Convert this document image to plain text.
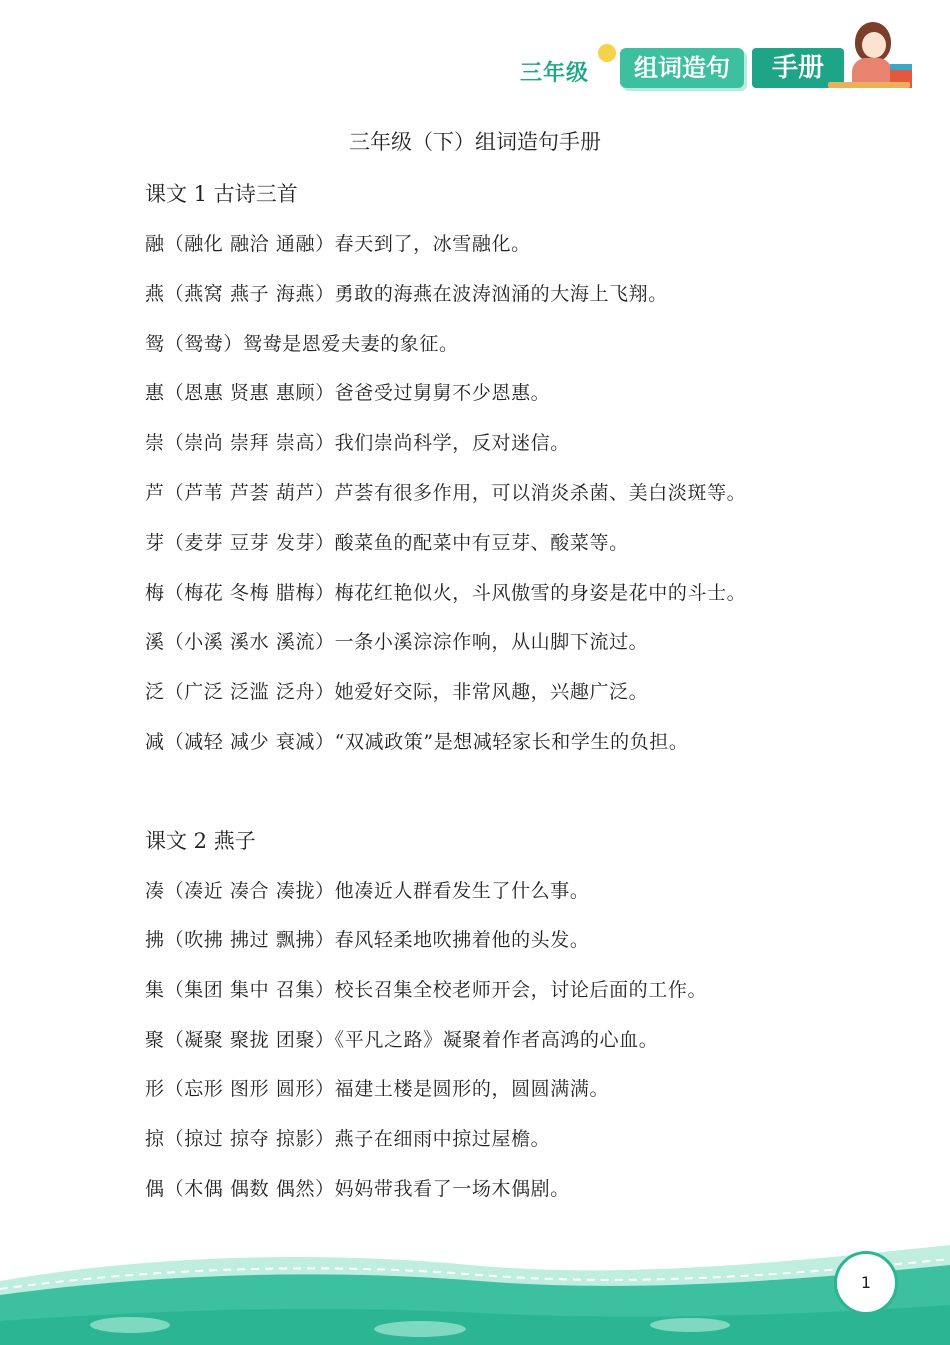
三年级	组词造句	手册
三年级（下）组词造句手册
课文 1 古诗三首
融（融化 融洽 通融）春天到了，冰雪融化。
燕（燕窝 燕子 海燕）勇敢的海燕在波涛汹涌的大海上飞翔。
鸳（鸳鸯）鸳鸯是恩爱夫妻的象征。
惠（恩惠 贤惠 惠顾）爸爸受过舅舅不少恩惠。
崇（崇尚 崇拜 崇高）我们崇尚科学，反对迷信。
芦（芦苇 芦荟 葫芦）芦荟有很多作用，可以消炎杀菌、美白淡斑等。
芽（麦芽 豆芽 发芽）酸菜鱼的配菜中有豆芽、酸菜等。
梅（梅花 冬梅 腊梅）梅花红艳似火，斗风傲雪的身姿是花中的斗士。
溪（小溪 溪水 溪流）一条小溪淙淙作响，从山脚下流过。
泛（广泛 泛滥 泛舟）她爱好交际，非常风趣，兴趣广泛。
减（减轻 减少 衰减）“双减政策”是想减轻家长和学生的负担。
课文 2 燕子
凑（凑近 凑合 凑拢）他凑近人群看发生了什么事。
拂（吹拂 拂过 飘拂）春风轻柔地吹拂着他的头发。
集（集团 集中 召集）校长召集全校老师开会，讨论后面的工作。
聚（凝聚 聚拢 团聚）《平凡之路》凝聚着作者高鸿的心血。
形（忘形 图形 圆形）福建土楼是圆形的，圆圆满满。
掠（掠过 掠夺 掠影）燕子在细雨中掠过屋檐。
偶（木偶 偶数 偶然）妈妈带我看了一场木偶剧。
1
